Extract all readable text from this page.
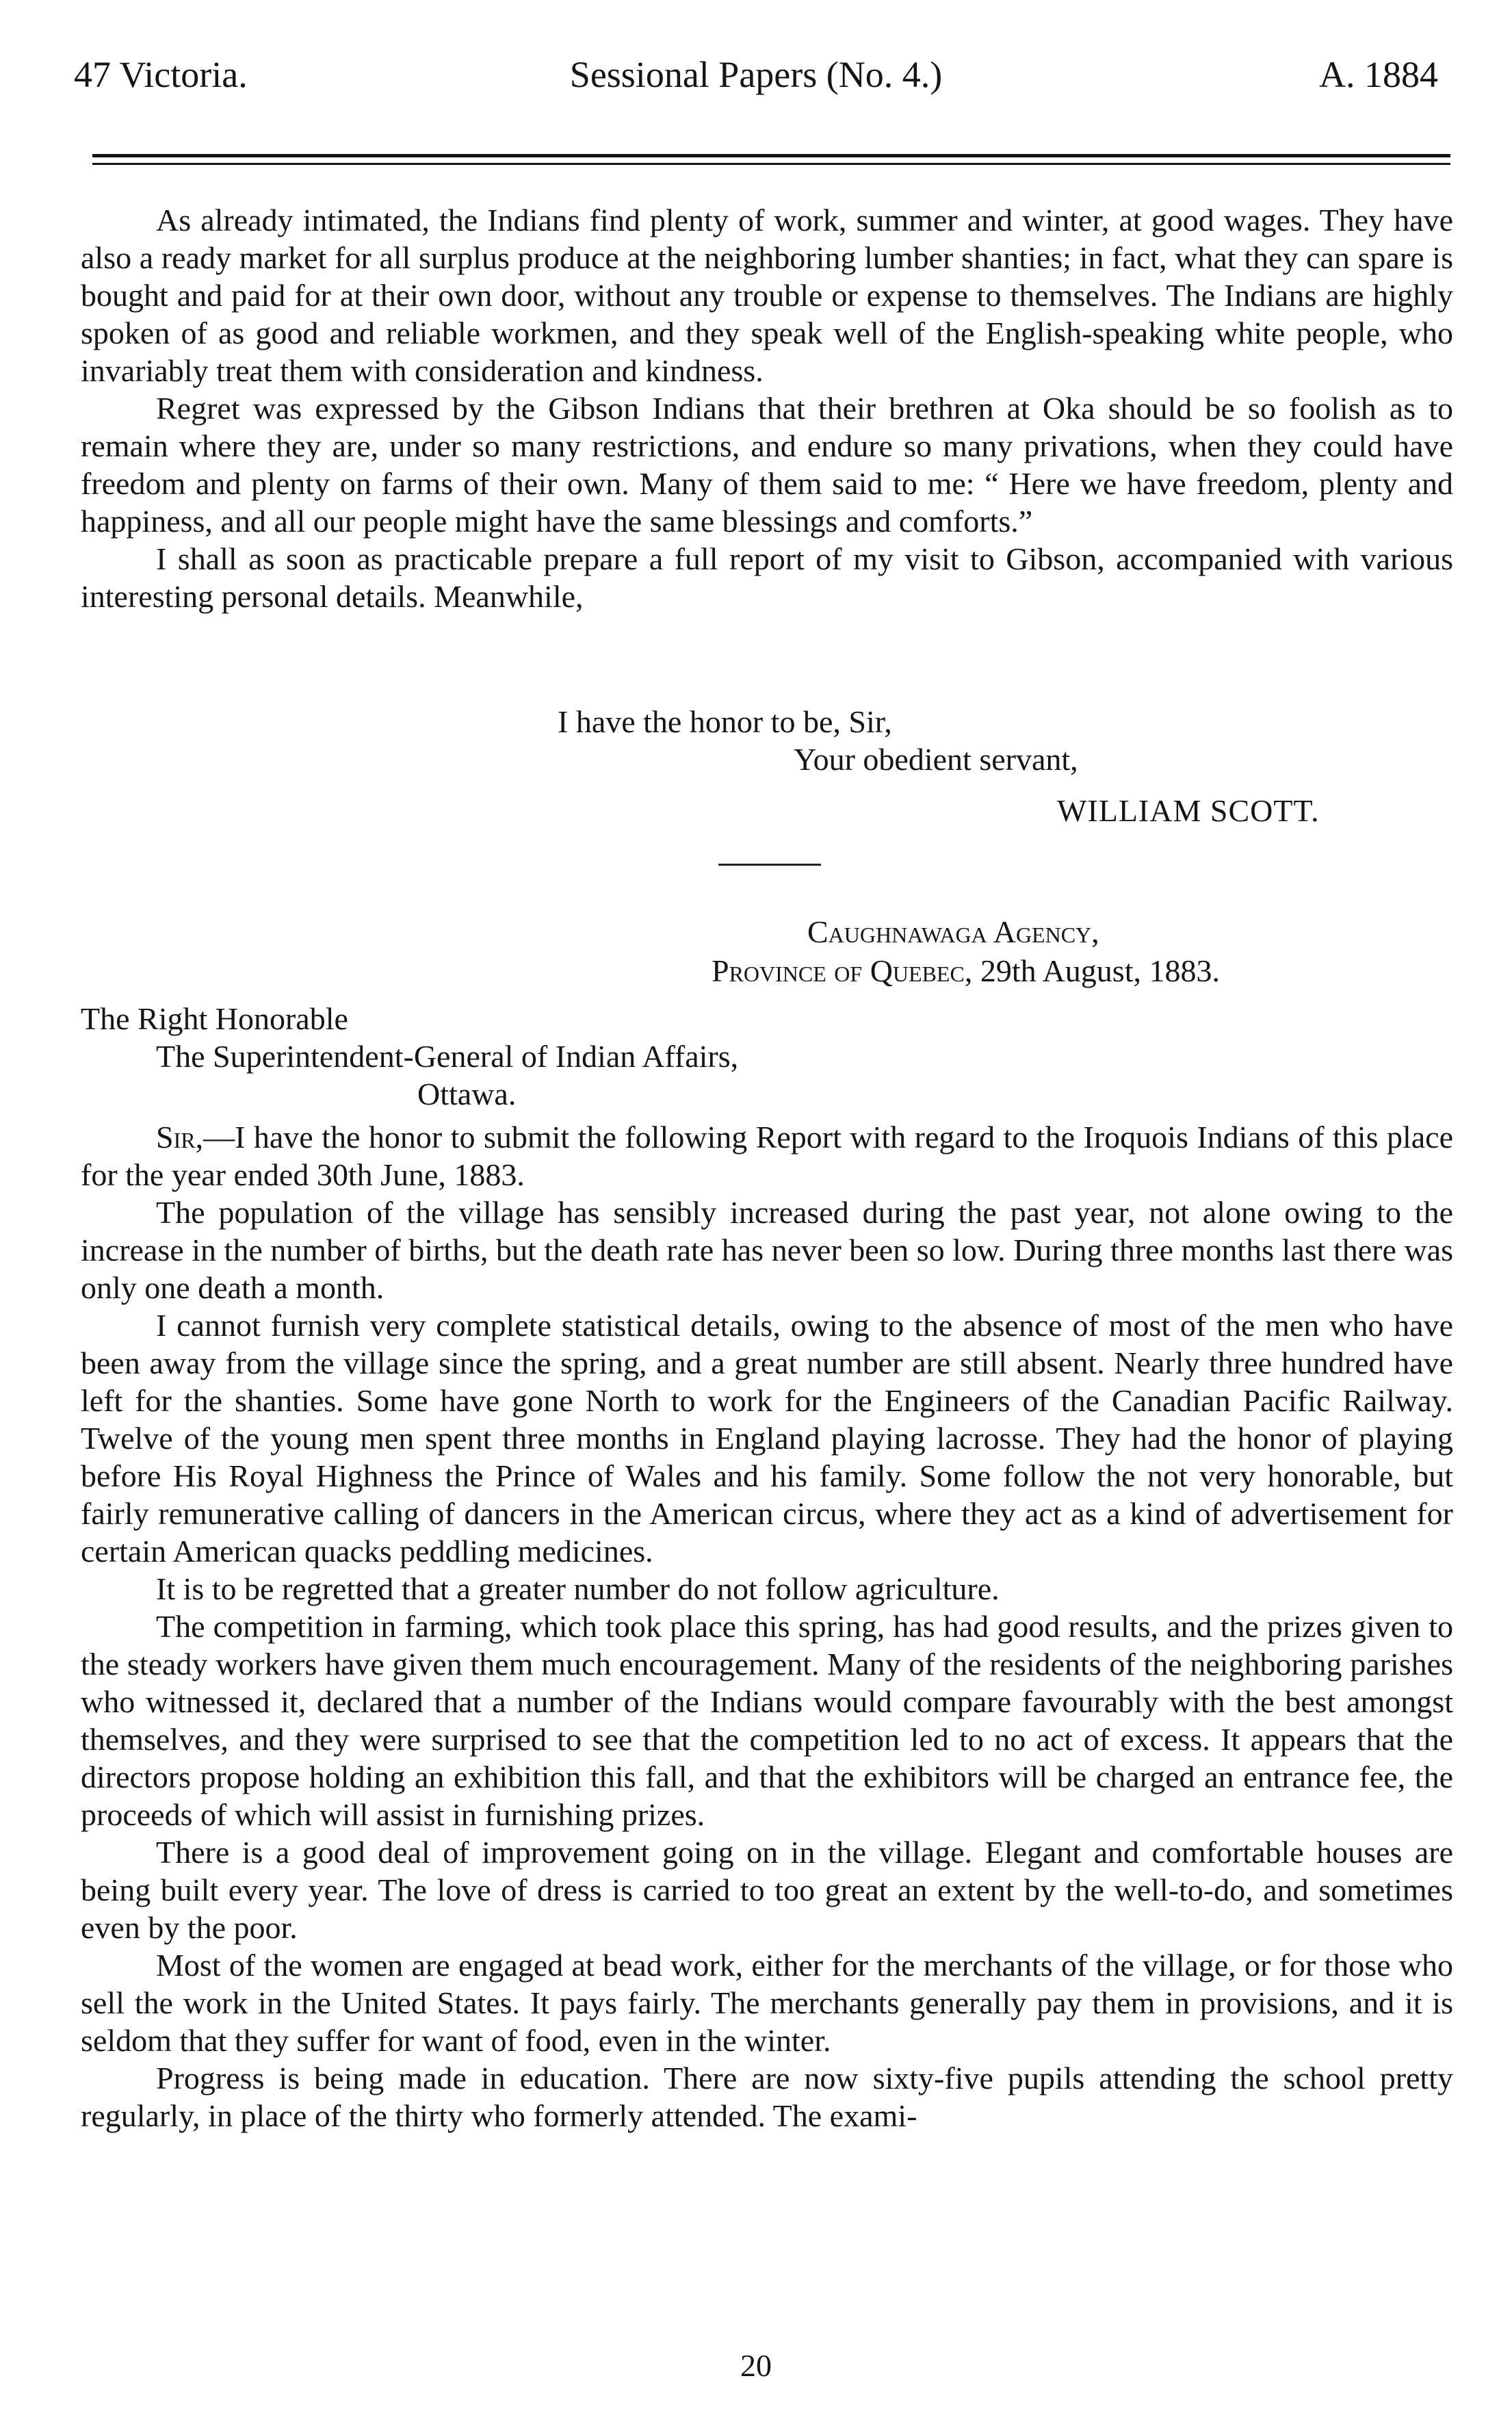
47 Victoria.	Sessional Papers (No. 4.)	A. 1884

As already intimated, the Indians find plenty of work, summer and winter, at good wages. They have also a ready market for all surplus produce at the neighboring lumber shanties; in fact, what they can spare is bought and paid for at their own door, without any trouble or expense to themselves. The Indians are highly spoken of as good and reliable workmen, and they speak well of the English-speaking white people, who invariably treat them with consideration and kindness.

Regret was expressed by the Gibson Indians that their brethren at Oka should be so foolish as to remain where they are, under so many restrictions, and endure so many privations, when they could have freedom and plenty on farms of their own. Many of them said to me: “ Here we have freedom, plenty and happiness, and all our people might have the same blessings and comforts.”

I shall as soon as practicable prepare a full report of my visit to Gibson, accompanied with various interesting personal details. Meanwhile,

I have the honor to be, Sir,
Your obedient servant,
WILLIAM SCOTT.
Caughnawaga Agency,
Province of Quebec, 29th August, 1883.
The Right Honorable
The Superintendent-General of Indian Affairs,
Ottawa.

Sir,—I have the honor to submit the following Report with regard to the Iroquois Indians of this place for the year ended 30th June, 1883.

The population of the village has sensibly increased during the past year, not alone owing to the increase in the number of births, but the death rate has never been so low. During three months last there was only one death a month.

I cannot furnish very complete statistical details, owing to the absence of most of the men who have been away from the village since the spring, and a great number are still absent. Nearly three hundred have left for the shanties. Some have gone North to work for the Engineers of the Canadian Pacific Railway. Twelve of the young men spent three months in England playing lacrosse. They had the honor of playing before His Royal Highness the Prince of Wales and his family. Some follow the not very honorable, but fairly remunerative calling of dancers in the American circus, where they act as a kind of advertisement for certain American quacks peddling medicines.

It is to be regretted that a greater number do not follow agriculture.

The competition in farming, which took place this spring, has had good results, and the prizes given to the steady workers have given them much encouragement. Many of the residents of the neighboring parishes who witnessed it, declared that a number of the Indians would compare favourably with the best amongst themselves, and they were surprised to see that the competition led to no act of excess. It appears that the directors propose holding an exhibition this fall, and that the exhibitors will be charged an entrance fee, the proceeds of which will assist in furnishing prizes.

There is a good deal of improvement going on in the village. Elegant and comfortable houses are being built every year. The love of dress is carried to too great an extent by the well-to-do, and sometimes even by the poor.

Most of the women are engaged at bead work, either for the merchants of the village, or for those who sell the work in the United States. It pays fairly. The merchants generally pay them in provisions, and it is seldom that they suffer for want of food, even in the winter.

Progress is being made in education. There are now sixty-five pupils attending the school pretty regularly, in place of the thirty who formerly attended. The exami-

20
